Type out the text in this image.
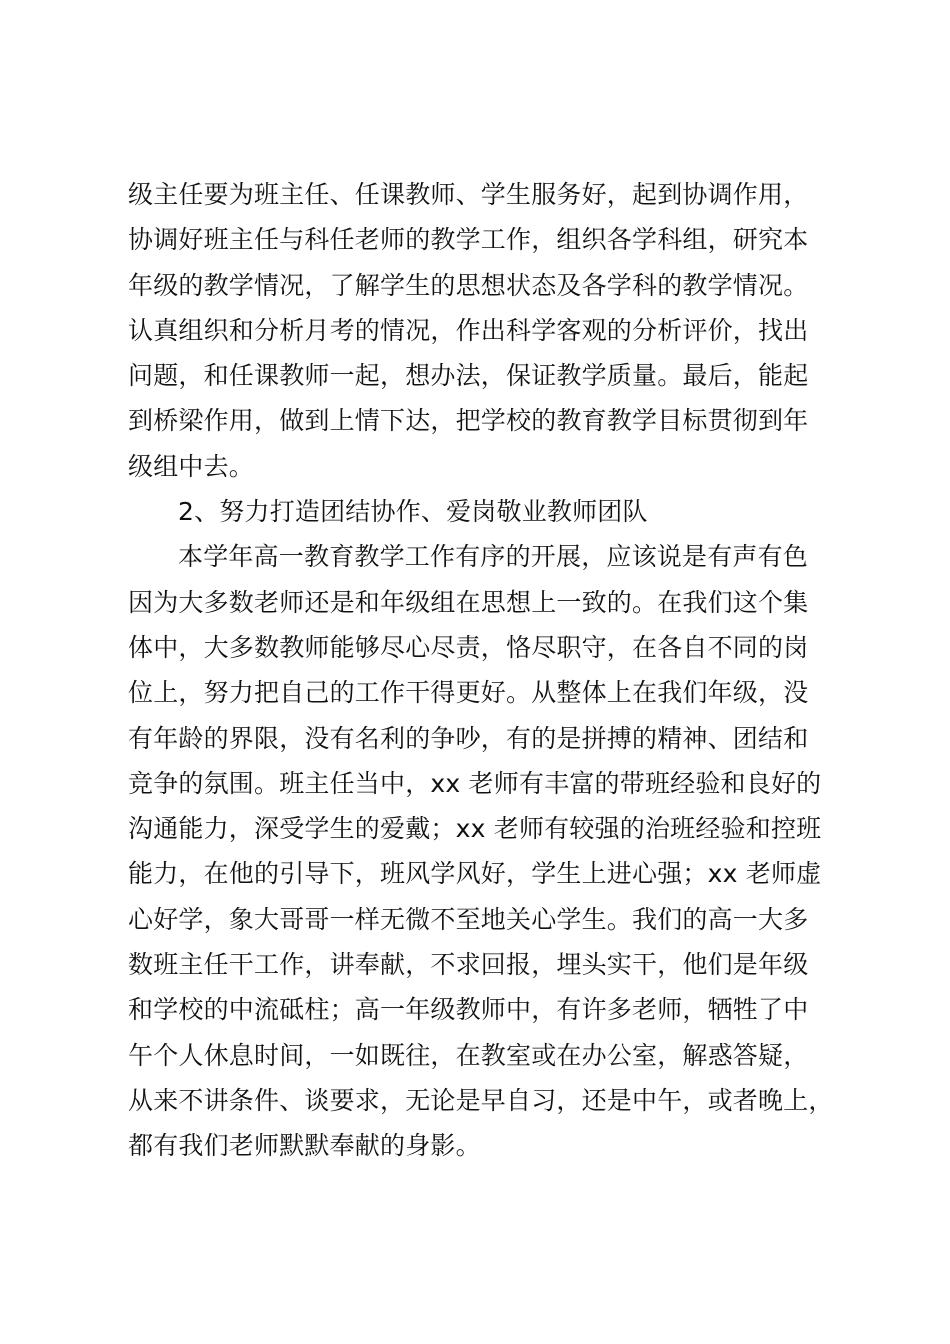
级主任要为班主任、任课教师、学生服务好，起到协调作用，
协调好班主任与科任老师的教学工作，组织各学科组，研究本
年级的教学情况，了解学生的思想状态及各学科的教学情况。
认真组织和分析月考的情况，作出科学客观的分析评价，找出
问题，和任课教师一起，想办法，保证教学质量。最后，能起
到桥梁作用，做到上情下达，把学校的教育教学目标贯彻到年
级组中去。
2、努力打造团结协作、爱岗敬业教师团队
本学年高一教育教学工作有序的开展，应该说是有声有色
因为大多数老师还是和年级组在思想上一致的。在我们这个集
体中，大多数教师能够尽心尽责，恪尽职守，在各自不同的岗
位上，努力把自己的工作干得更好。从整体上在我们年级，没
有年龄的界限，没有名利的争吵，有的是拼搏的精神、团结和
竞争的氛围。班主任当中，xx 老师有丰富的带班经验和良好的
沟通能力，深受学生的爱戴；xx 老师有较强的治班经验和控班
能力，在他的引导下，班风学风好，学生上进心强；xx 老师虚
心好学，象大哥哥一样无微不至地关心学生。我们的高一大多
数班主任干工作，讲奉献，不求回报，埋头实干，他们是年级
和学校的中流砥柱；高一年级教师中，有许多老师，牺牲了中
午个人休息时间，一如既往，在教室或在办公室，解惑答疑，
从来不讲条件、谈要求，无论是早自习，还是中午，或者晚上，
都有我们老师默默奉献的身影。
